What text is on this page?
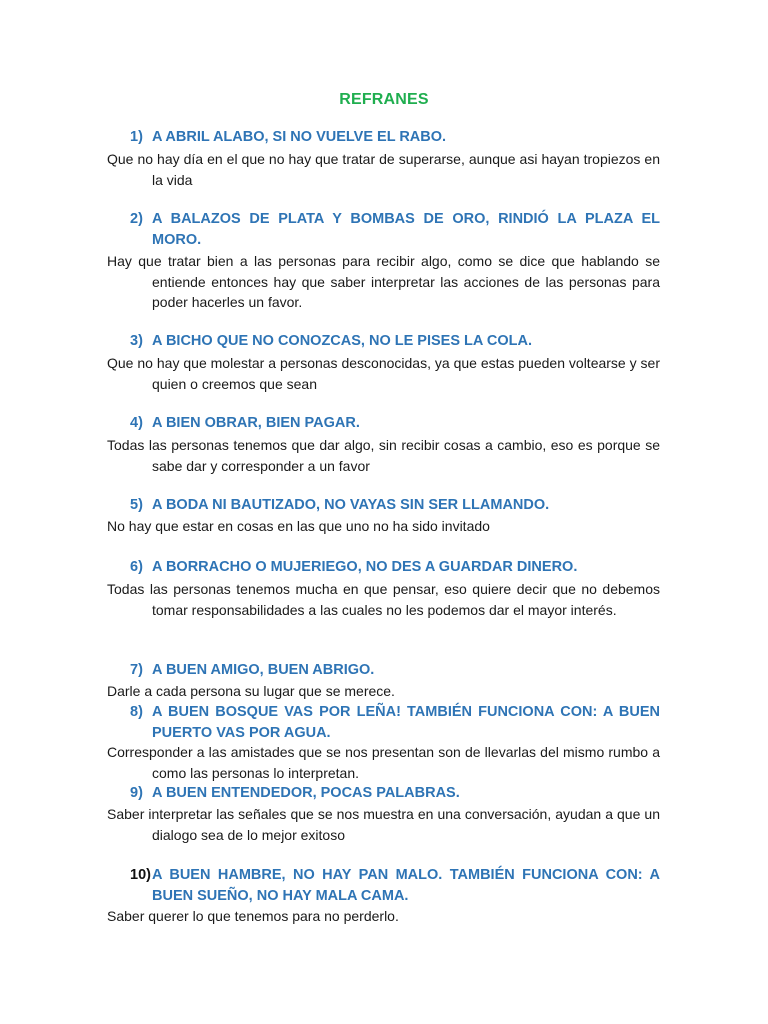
REFRANES
1) A ABRIL ALABO, SI NO VUELVE EL RABO.
Que no hay día en el que no hay que tratar de superarse, aunque asi hayan tropiezos en la vida
2) A BALAZOS DE PLATA Y BOMBAS DE ORO, RINDIÓ LA PLAZA EL MORO.
Hay que tratar bien a las personas para recibir algo, como se dice que hablando se entiende entonces hay que saber interpretar las acciones de las personas para poder hacerles un favor.
3) A BICHO QUE NO CONOZCAS, NO LE PISES LA COLA.
Que no hay que molestar a personas desconocidas, ya que estas pueden voltearse y ser quien o creemos que sean
4) A BIEN OBRAR, BIEN PAGAR.
Todas las personas tenemos que dar algo, sin recibir cosas a cambio, eso es porque se sabe dar y corresponder a un favor
5) A BODA NI BAUTIZADO, NO VAYAS SIN SER LLAMANDO.
No hay que estar en cosas en las que uno no ha sido invitado
6) A BORRACHO O MUJERIEGO, NO DES A GUARDAR DINERO.
Todas las personas tenemos mucha en que pensar, eso quiere decir que no debemos tomar responsabilidades a las cuales no les podemos dar el mayor interés.
7) A BUEN AMIGO, BUEN ABRIGO.
Darle a cada persona su lugar que se merece.
8) A BUEN BOSQUE VAS POR LEÑA! TAMBIÉN FUNCIONA CON: A BUEN PUERTO VAS POR AGUA.
Corresponder a las amistades que se nos presentan son de llevarlas del mismo rumbo a como las personas lo interpretan.
9) A BUEN ENTENDEDOR, POCAS PALABRAS.
Saber interpretar las señales que se nos muestra en una conversación, ayudan a que un dialogo sea de lo mejor exitoso
10) A BUEN HAMBRE, NO HAY PAN MALO. TAMBIÉN FUNCIONA CON: A BUEN SUEÑO, NO HAY MALA CAMA.
Saber querer lo que tenemos para no perderlo.
